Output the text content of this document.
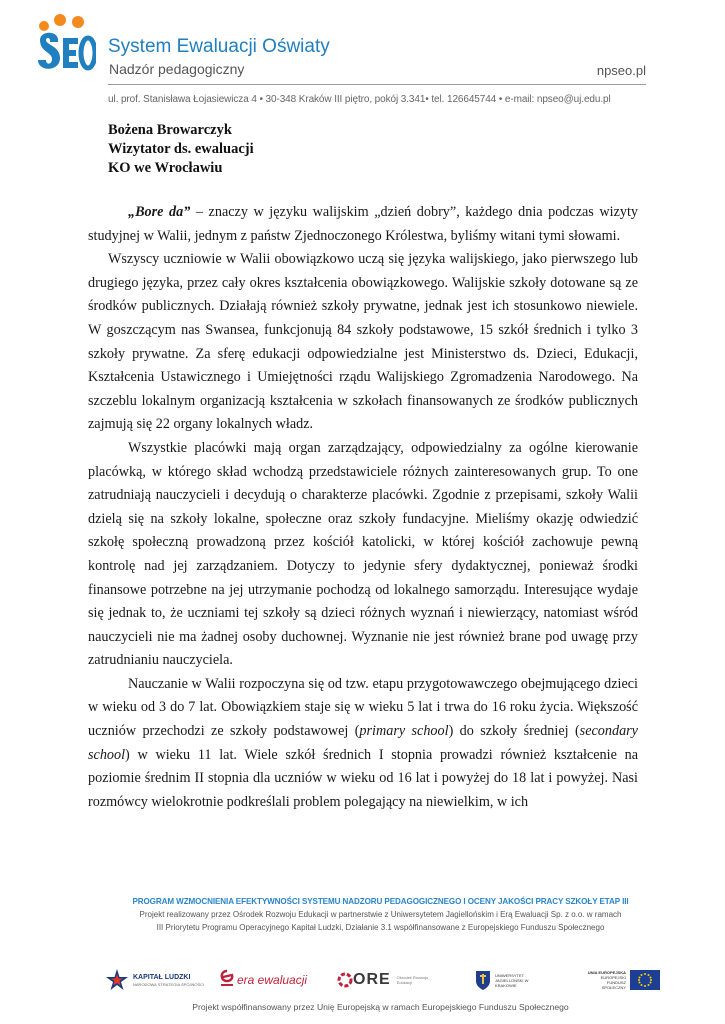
System Ewaluacji Oświaty
Nadzór pedagogiczny	npseo.pl
ul. prof. Stanisława Łojasiewicza 4 • 30-348 Kraków III piętro, pokój 3.341• tel. 126645744 • e-mail: npseo@uj.edu.pl
Bożena Browarczyk
Wizytator ds. ewaluacji
KO we Wrocławiu

„Bore da” – znaczy w języku walijskim „dzień dobry”, każdego dnia podczas wizyty studyjnej w Walii, jednym z państw Zjednoczonego Królestwa, byliśmy witani tymi słowami.

Wszyscy uczniowie w Walii obowiązkowo uczą się języka walijskiego, jako pierwszego lub drugiego języka, przez cały okres kształcenia obowiązkowego. Walijskie szkoły dotowane są ze środków publicznych. Działają również szkoły prywatne, jednak jest ich stosunkowo niewiele. W goszczącym nas Swansea, funkcjonują 84 szkoły podstawowe, 15 szkół średnich i tylko 3 szkoły prywatne. Za sferę edukacji odpowiedzialne jest Ministerstwo ds. Dzieci, Edukacji, Kształcenia Ustawicznego i Umiejętności rządu Walijskiego Zgromadzenia Narodowego. Na szczeblu lokalnym organizacją kształcenia w szkołach finansowanych ze środków publicznych zajmują się 22 organy lokalnych władz.

Wszystkie placówki mają organ zarządzający, odpowiedzialny za ogólne kierowanie placówką, w którego skład wchodzą przedstawiciele różnych zainteresowanych grup. To one zatrudniają nauczycieli i decydują o charakterze placówki. Zgodnie z przepisami, szkoły Walii dzielą się na szkoły lokalne, społeczne oraz szkoły fundacyjne. Mieliśmy okazję odwiedzić szkołę społeczną prowadzoną przez kościół katolicki, w której kościół zachowuje pewną kontrolę nad jej zarządzaniem. Dotyczy to jedynie sfery dydaktycznej, ponieważ środki finansowe potrzebne na jej utrzymanie pochodzą od lokalnego samorządu. Interesujące wydaje się jednak to, że uczniami tej szkoły są dzieci różnych wyznań i niewierzący, natomiast wśród nauczycieli nie ma żadnej osoby duchownej. Wyznanie nie jest również brane pod uwagę przy zatrudnianiu nauczyciela.

Nauczanie w Walii rozpoczyna się od tzw. etapu przygotowawczego obejmującego dzieci w wieku od 3 do 7 lat. Obowiązkiem staje się w wieku 5 lat i trwa do 16 roku życia. Większość uczniów przechodzi ze szkoły podstawowej (primary school) do szkoły średniej (secondary school) w wieku 11 lat. Wiele szkół średnich I stopnia prowadzi również kształcenie na poziomie średnim II stopnia dla uczniów w wieku od 16 lat i powyżej do 18 lat i powyżej. Nasi rozmówcy wielokrotnie podkreślali problem polegający na niewielkim, w ich

PROGRAM WZMOCNIENIA EFEKTYWNOŚCI SYSTEMU NADZORU PEDAGOGICZNEGO I OCENY JAKOŚCI PRACY SZKOŁY ETAP III
Projekt realizowany przez Ośrodek Rozwoju Edukacji w partnerstwie z Uniwersytetem Jagiellońskim i Erą Ewaluacji Sp. z o.o. w ramach
III Priorytetu Programu Operacyjnego Kapitał Ludzki, Działanie 3.1 współfinansowane z Europejskiego Funduszu Społecznego
KAPITAŁ LUDZKI
NARODOWA STRATEGIA SPÓJNOŚCI	era ewaluacji	ORE Ośrodek Rozwoju Edukacji
UNIWERSYTET JAGIELLOŃSKI W KRAKOWIE
UNIA EUROPEJSKA
EUROPEJSKI FUNDUSZ SPOŁECZNY
Projekt współfinansowany przez Unię Europejską w ramach Europejskiego Funduszu Społecznego
